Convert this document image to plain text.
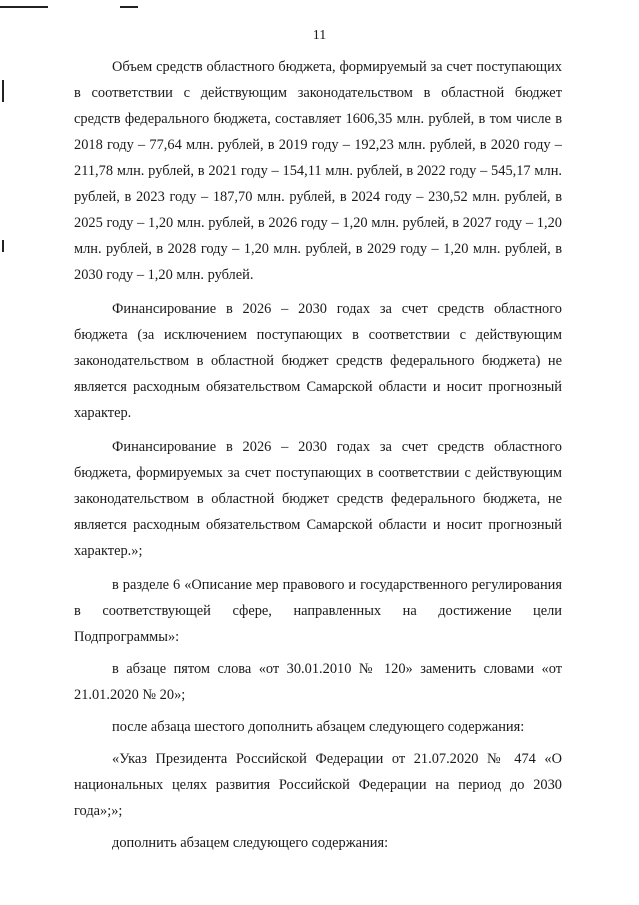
11

Объем средств областного бюджета, формируемый за счет поступающих в соответствии с действующим законодательством в областной бюджет средств федерального бюджета, составляет 1606,35 млн. рублей, в том числе в 2018 году – 77,64 млн. рублей, в 2019 году – 192,23 млн. рублей, в 2020 году – 211,78 млн. рублей, в 2021 году – 154,11 млн. рублей, в 2022 году – 545,17 млн. рублей, в 2023 году – 187,70 млн. рублей, в 2024 году – 230,52 млн. рублей, в 2025 году – 1,20 млн. рублей, в 2026 году – 1,20 млн. рублей, в 2027 году – 1,20 млн. рублей, в 2028 году – 1,20 млн. рублей, в 2029 году – 1,20 млн. рублей, в 2030 году – 1,20 млн. рублей.

Финансирование в 2026 – 2030 годах за счет средств областного бюджета (за исключением поступающих в соответствии с действующим законодательством в областной бюджет средств федерального бюджета) не является расходным обязательством Самарской области и носит прогнозный характер.

Финансирование в 2026 – 2030 годах за счет средств областного бюджета, формируемых за счет поступающих в соответствии с действующим законодательством в областной бюджет средств федерального бюджета, не является расходным обязательством Самарской области и носит прогнозный характер.»;

в разделе 6 «Описание мер правового и государственного регулирования в соответствующей сфере, направленных на достижение цели Подпрограммы»:

в абзаце пятом слова «от 30.01.2010 № 120» заменить словами «от 21.01.2020 № 20»;

после абзаца шестого дополнить абзацем следующего содержания:

«Указ Президента Российской Федерации от 21.07.2020 № 474 «О национальных целях развития Российской Федерации на период до 2030 года»;»;

дополнить абзацем следующего содержания:
